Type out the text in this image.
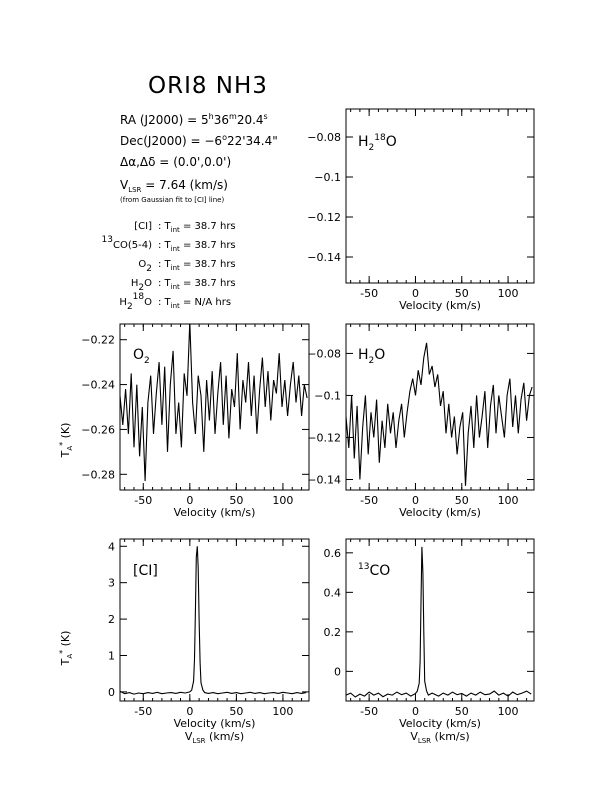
ORI8 NH3
RA $(J2000) = 5^h36^m20.4^s$
$Dec(J2000) = -6^o22'34.4$"
Δα,Δδ = (0.0',0.0')
$V_{LSR} = 7.64$ (km/s)
(from Gaussian fit to [CI] line)
[CI] : $T_{int} = 38.7$ hrs
13CO(5-4) : $T_{int} = 38.7$ hrs
O2 : $T_{int} = 38.7$ hrs
H2O : $T_{int} = 38.7$ hrs
H218O : $T_{int} = N/A$ hrs
-50	0	50	100
−0.08
−0.1
−0.12
−0.14
Velocity (km/s)
$H_2^{18}O$
-50	0	50	100
−0.22
−0.24
−0.26
−0.28
Velocity (km/s)
$O_2$
-50	0	50	100
−0.08
−0.1
−0.12
−0.14
Velocity (km/s)
$H_2O$
-50	0	50	100
0
1
2
3
4
Velocity (km/s)
$V_{LSR}$ (km/s)
[CI]
-50	0	50	100
0
0.2
0.4
0.6
Velocity (km/s)
$V_{LSR}$ (km/s)
$^{13}$CO
$T_A^*$ (K)
$T_A^*$ (K)
